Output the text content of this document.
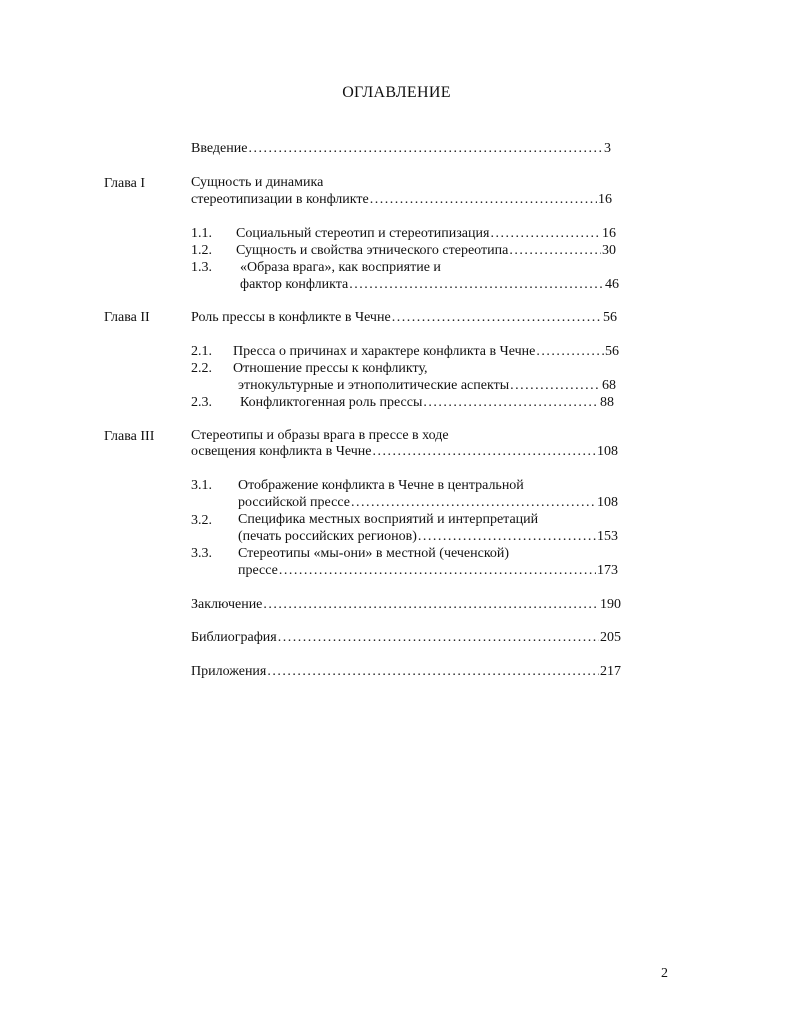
ОГЛАВЛЕНИЕ
Введение .....	3
Глава I	Сущность и динамика
стереотипизации в конфликте .....	16
1.1. Социальный стереотип и стереотипизация .....	16
1.2. Сущность и свойства этнического стереотипа .....	30
1.3. «Образа врага», как восприятие и
фактор конфликта .....	46
Глава II	Роль прессы в конфликте в Чечне .....	56
2.1. Пресса о причинах и характере конфликта в Чечне .....	56
2.2. Отношение прессы к конфликту,
этнокультурные и этнополитические аспекты .....	68
2.3. Конфликтогенная роль прессы .....	88
Глава III	Стереотипы и образы врага в прессе в ходе
освещения конфликта в Чечне .....	108
3.1. Отображение конфликта в Чечне в центральной
российской прессе .....	108
3.2. Специфика местных восприятий и интерпретаций
(печать российских регионов) .....	153
3.3. Стереотипы «мы-они» в местной (чеченской)
прессе .....	173
Заключение .....	190
Библиография .....	205
Приложения .....	217
2
